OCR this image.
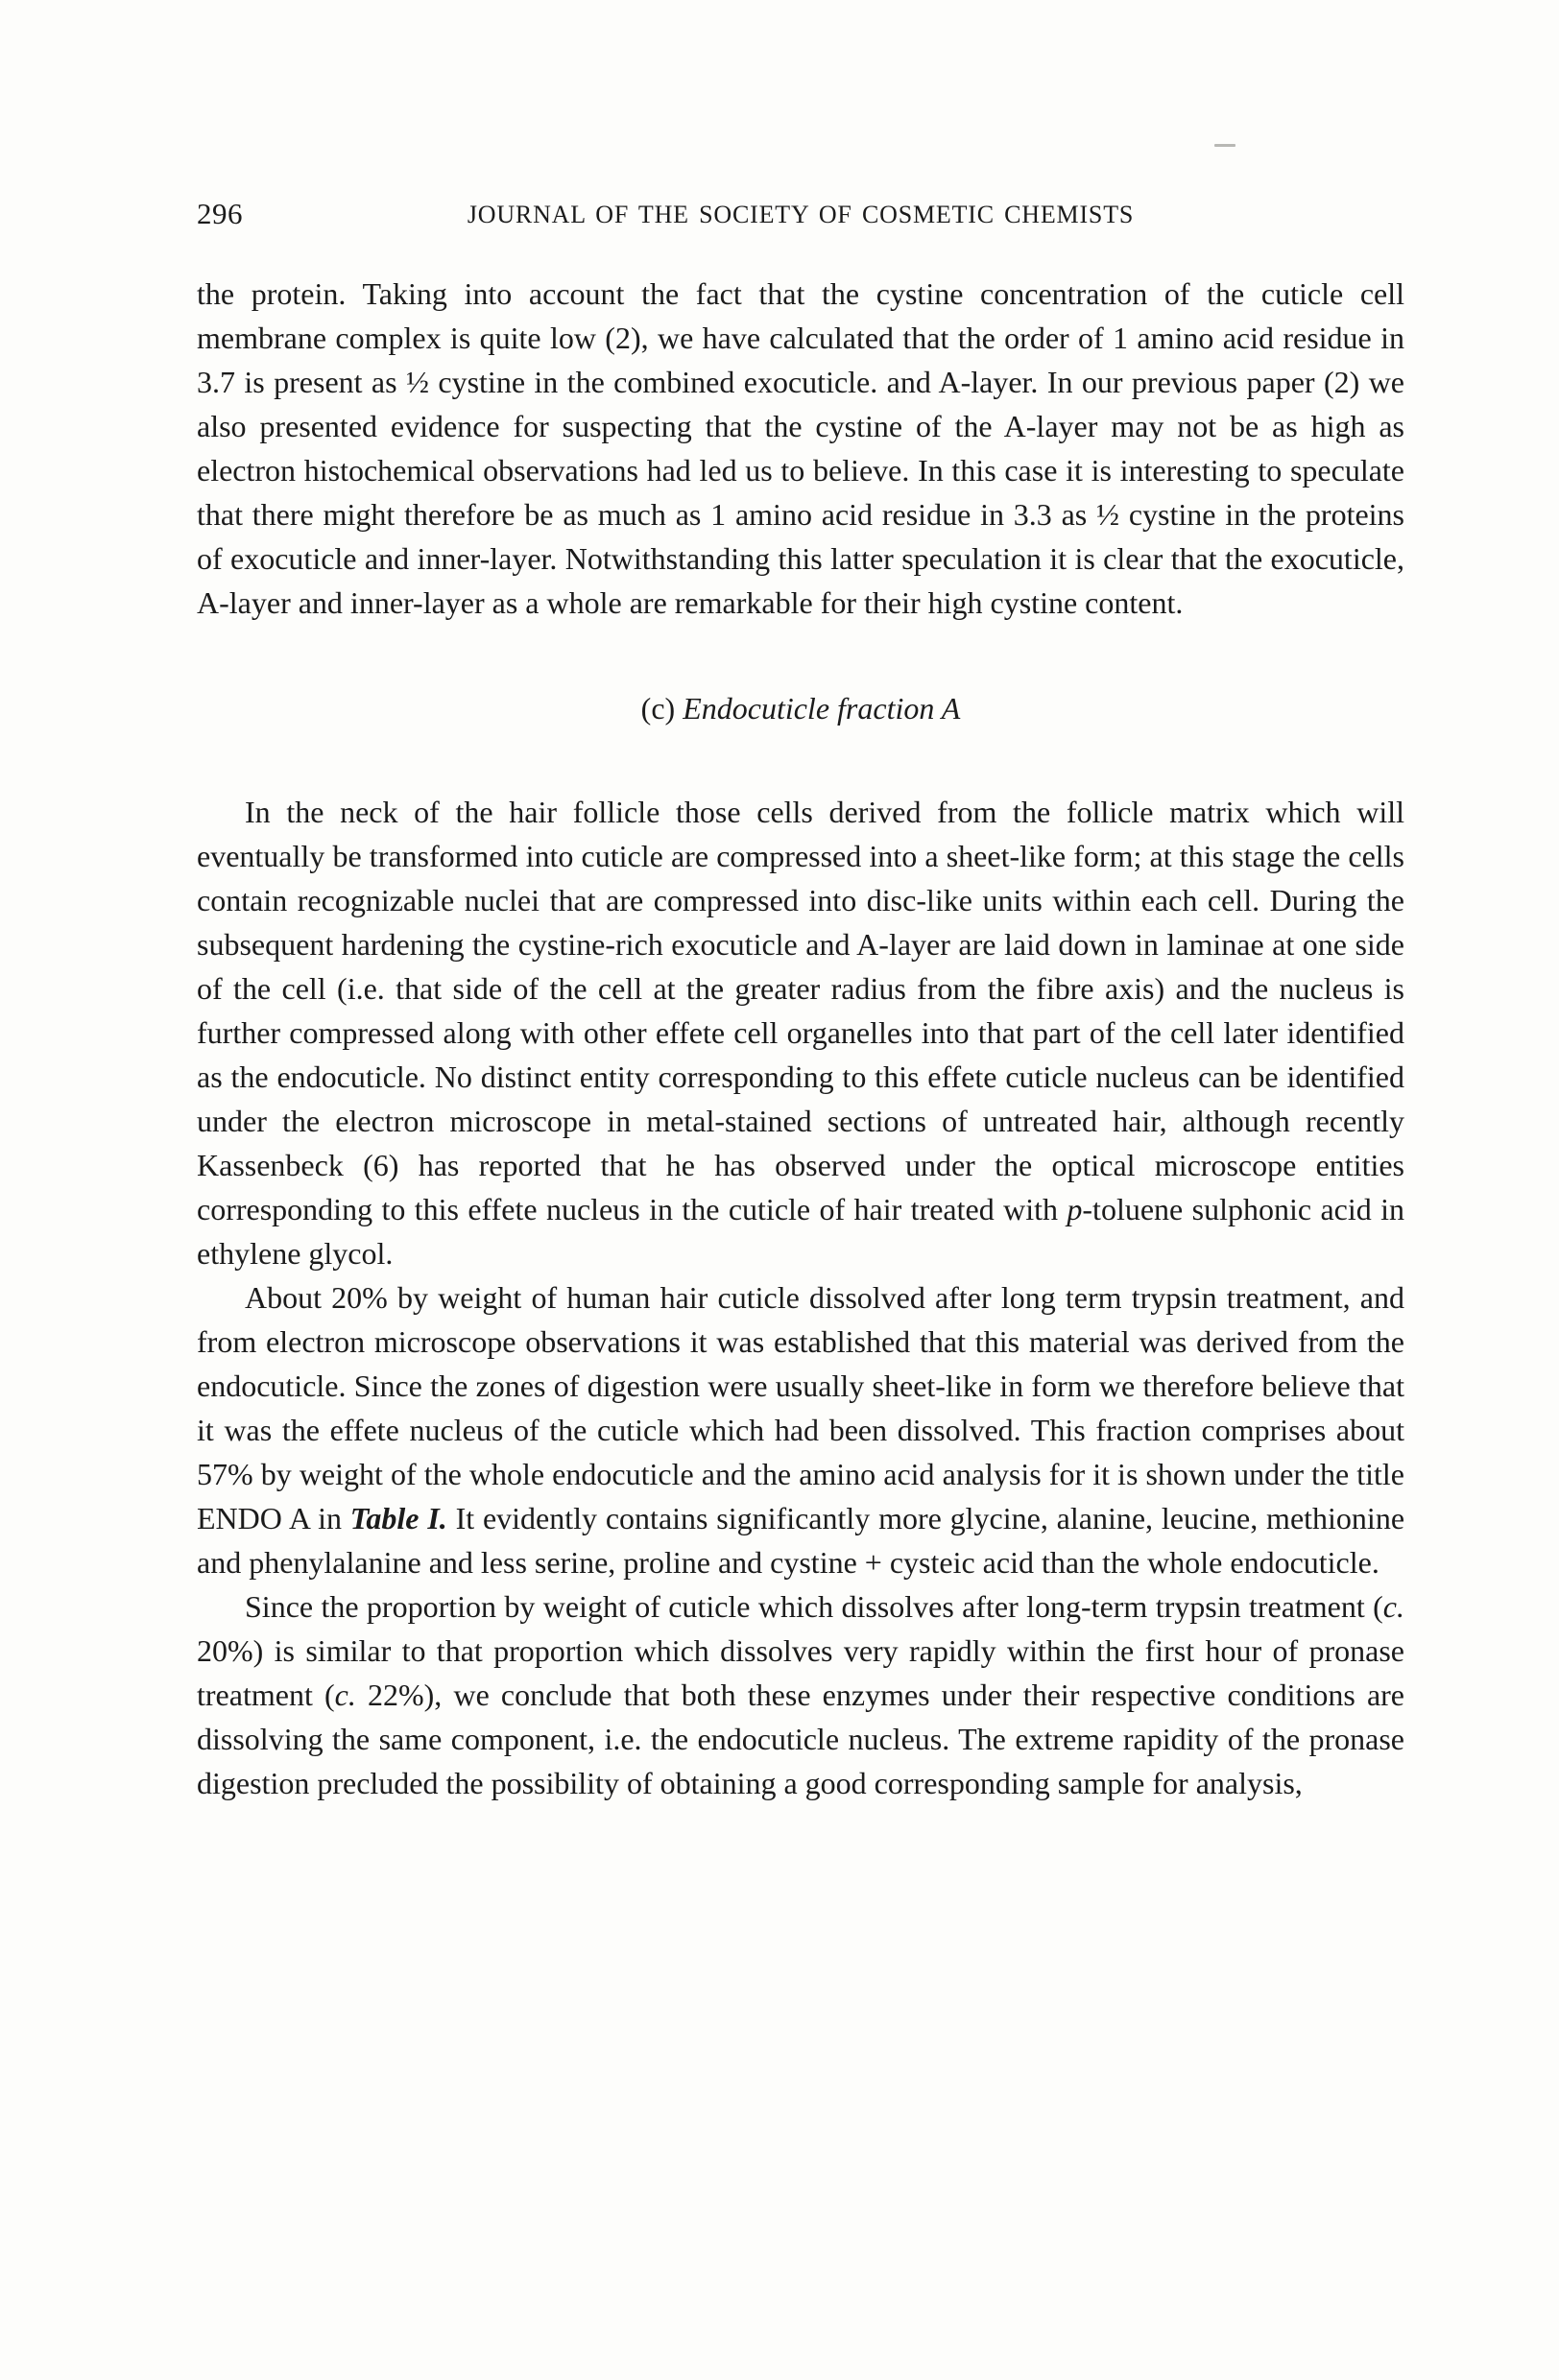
296	JOURNAL OF THE SOCIETY OF COSMETIC CHEMISTS

the protein. Taking into account the fact that the cystine concentration of the cuticle cell membrane complex is quite low (2), we have calculated that the order of 1 amino acid residue in 3.7 is present as ½ cystine in the combined exocuticle. and A-layer. In our previous paper (2) we also presented evidence for suspecting that the cystine of the A-layer may not be as high as electron histochemical observations had led us to believe. In this case it is interesting to speculate that there might therefore be as much as 1 amino acid residue in 3.3 as ½ cystine in the proteins of exocuticle and inner-layer. Notwithstanding this latter speculation it is clear that the exocuticle, A-layer and inner-layer as a whole are remarkable for their high cystine content.

(c) Endocuticle fraction A

In the neck of the hair follicle those cells derived from the follicle matrix which will eventually be transformed into cuticle are compressed into a sheet-like form; at this stage the cells contain recognizable nuclei that are compressed into disc-like units within each cell. During the subsequent hardening the cystine-rich exocuticle and A-layer are laid down in laminae at one side of the cell (i.e. that side of the cell at the greater radius from the fibre axis) and the nucleus is further compressed along with other effete cell organelles into that part of the cell later identified as the endocuticle. No distinct entity corresponding to this effete cuticle nucleus can be identified under the electron microscope in metal-stained sections of untreated hair, although recently Kassenbeck (6) has reported that he has observed under the optical microscope entities corresponding to this effete nucleus in the cuticle of hair treated with p-toluene sulphonic acid in ethylene glycol.

About 20% by weight of human hair cuticle dissolved after long term trypsin treatment, and from electron microscope observations it was established that this material was derived from the endocuticle. Since the zones of digestion were usually sheet-like in form we therefore believe that it was the effete nucleus of the cuticle which had been dissolved. This fraction comprises about 57% by weight of the whole endocuticle and the amino acid analysis for it is shown under the title ENDO A in Table I. It evidently contains significantly more glycine, alanine, leucine, methionine and phenylalanine and less serine, proline and cystine + cysteic acid than the whole endocuticle.

Since the proportion by weight of cuticle which dissolves after long-term trypsin treatment (c. 20%) is similar to that proportion which dissolves very rapidly within the first hour of pronase treatment (c. 22%), we conclude that both these enzymes under their respective conditions are dissolving the same component, i.e. the endocuticle nucleus. The extreme rapidity of the pronase digestion precluded the possibility of obtaining a good corresponding sample for analysis,
